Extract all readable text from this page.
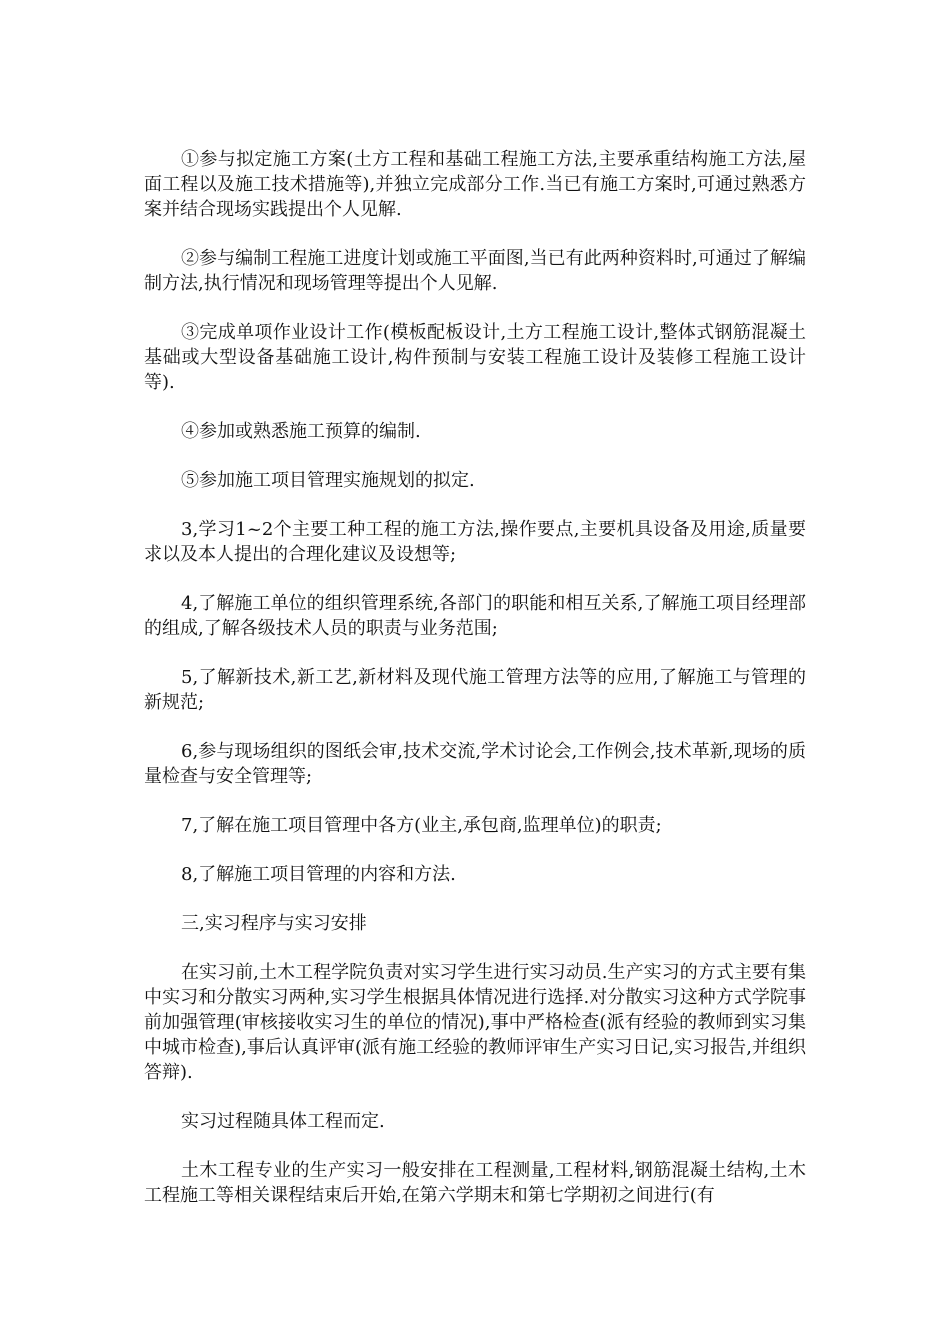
①参与拟定施工方案(土方工程和基础工程施工方法,主要承重结构施工方法,屋面工程以及施工技术措施等),并独立完成部分工作.当已有施工方案时,可通过熟悉方案并结合现场实践提出个人见解.

②参与编制工程施工进度计划或施工平面图,当已有此两种资料时,可通过了解编制方法,执行情况和现场管理等提出个人见解.

③完成单项作业设计工作(模板配板设计,土方工程施工设计,整体式钢筋混凝土基础或大型设备基础施工设计,构件预制与安装工程施工设计及装修工程施工设计等).

④参加或熟悉施工预算的编制.

⑤参加施工项目管理实施规划的拟定.

3,学习1~2个主要工种工程的施工方法,操作要点,主要机具设备及用途,质量要求以及本人提出的合理化建议及设想等;

4,了解施工单位的组织管理系统,各部门的职能和相互关系,了解施工项目经理部的组成,了解各级技术人员的职责与业务范围;

5,了解新技术,新工艺,新材料及现代施工管理方法等的应用,了解施工与管理的新规范;

6,参与现场组织的图纸会审,技术交流,学术讨论会,工作例会,技术革新,现场的质量检查与安全管理等;

7,了解在施工项目管理中各方(业主,承包商,监理单位)的职责;

8,了解施工项目管理的内容和方法.

三,实习程序与实习安排

在实习前,土木工程学院负责对实习学生进行实习动员.生产实习的方式主要有集中实习和分散实习两种,实习学生根据具体情况进行选择.对分散实习这种方式学院事前加强管理(审核接收实习生的单位的情况),事中严格检查(派有经验的教师到实习集中城市检查),事后认真评审(派有施工经验的教师评审生产实习日记,实习报告,并组织答辩).

实习过程随具体工程而定.

土木工程专业的生产实习一般安排在工程测量,工程材料,钢筋混凝土结构,土木工程施工等相关课程结束后开始,在第六学期末和第七学期初之间进行(有
